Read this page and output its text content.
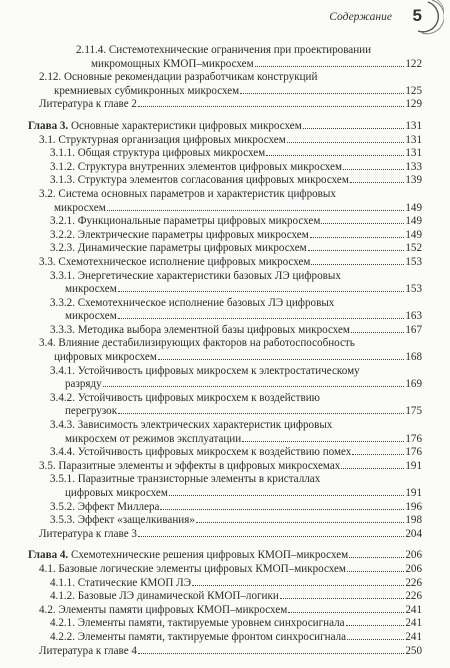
Содержание 5
2.11.4. Системотехнические ограничения при проектировании
микромощных КМОП–микросхем	122
2.12. Основные рекомендации разработчикам конструкций
кремниевых субмикронных микросхем	125
Литература к главе 2	129
Глава 3. Основные характеристики цифровых микросхем	131
3.1. Структурная организация цифровых микросхем	131
3.1.1. Общая структура цифровых микросхем	131
3.1.2. Структура внутренних элементов цифровых микросхем	133
3.1.3. Структура элементов согласования цифровых микросхем	139
3.2. Система основных параметров и характеристик цифровых
микросхем	149
3.2.1. Функциональные параметры цифровых микросхем	149
3.2.2. Электрические параметры цифровых микросхем	149
3.2.3. Динамические параметры цифровых микросхем	152
3.3. Схемотехническое исполнение цифровых микросхем	153
3.3.1. Энергетические характеристики базовых ЛЭ цифровых
микросхем	153
3.3.2. Схемотехническое исполнение базовых ЛЭ цифровых
микросхем	163
3.3.3. Методика выбора элементной базы цифровых микросхем	167
3.4. Влияние дестабилизирующих факторов на работоспособность
цифровых микросхем	168
3.4.1. Устойчивость цифровых микросхем к электростатическому
разряду	169
3.4.2. Устойчивость цифровых микросхем к воздействию
перегрузок	175
3.4.3. Зависимость электрических характеристик цифровых
микросхем от режимов эксплуатации	176
3.4.4. Устойчивость цифровых микросхем к воздействию помех	176
3.5. Паразитные элементы и эффекты в цифровых микросхемах	191
3.5.1. Паразитные транзисторные элементы в кристаллах
цифровых микросхем	191
3.5.2. Эффект Миллера	196
3.5.3. Эффект «защелкивания»	198
Литература к главе 3	204
Глава 4. Схемотехнические решения цифровых КМОП–микросхем	206
4.1. Базовые логические элементы цифровых КМОП–микросхем	206
4.1.1. Статические КМОП ЛЭ	226
4.1.2. Базовые ЛЭ динамической КМОП–логики	226
4.2. Элементы памяти цифровых КМОП–микросхем	241
4.2.1. Элементы памяти, тактируемые уровнем синхросигнала	241
4.2.2. Элементы памяти, тактируемые фронтом синхросигнала	241
Литература к главе 4	250
